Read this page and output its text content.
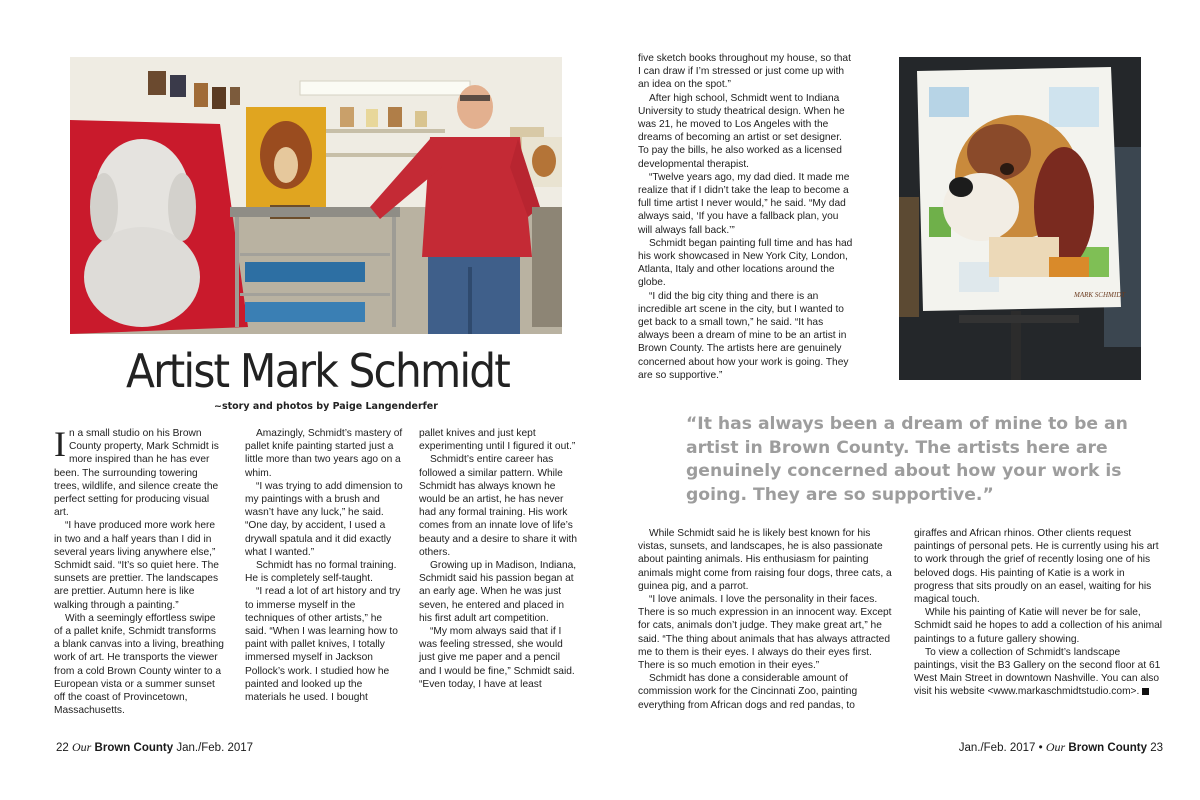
Artist Mark Schmidt
~story and photos by Paige Langenderfer

In a small studio on his Brown County property, Mark Schmidt is more inspired than he has ever been. The surrounding towering trees, wildlife, and silence create the perfect setting for producing visual art.

“I have produced more work here in two and a half years than I did in several years living anywhere else,” Schmidt said. “It’s so quiet here. The sunsets are prettier. The landscapes are prettier. Autumn here is like walking through a painting.”

With a seemingly effortless swipe of a pallet knife, Schmidt transforms a blank canvas into a living, breathing work of art. He transports the viewer from a cold Brown County winter to a European vista or a summer sunset off the coast of Provincetown, Massachusetts.

Amazingly, Schmidt’s mastery of pallet knife painting started just a little more than two years ago on a whim.

“I was trying to add dimension to my paintings with a brush and wasn’t have any luck,” he said. “One day, by accident, I used a drywall spatula and it did exactly what I wanted.”

Schmidt has no formal training. He is completely self-taught.

“I read a lot of art history and try to immerse myself in the techniques of other artists,” he said. “When I was learning how to paint with pallet knives, I totally immersed myself in Jackson Pollock’s work. I studied how he painted and looked up the materials he used. I bought

pallet knives and just kept experimenting until I figured it out.”

Schmidt’s entire career has followed a similar pattern. While Schmidt has always known he would be an artist, he has never had any formal training. His work comes from an innate love of life’s beauty and a desire to share it with others.

Growing up in Madison, Indiana, Schmidt said his passion began at an early age. When he was just seven, he entered and placed in his first adult art competition.

“My mom always said that if I was feeling stressed, she would just give me paper and a pencil and I would be fine,” Schmidt said. “Even today, I have at least

22 Our Brown County Jan./Feb. 2017

five sketch books throughout my house, so that I can draw if I’m stressed or just come up with an idea on the spot.”

After high school, Schmidt went to Indiana University to study theatrical design. When he was 21, he moved to Los Angeles with the dreams of becoming an artist or set designer. To pay the bills, he also worked as a licensed developmental therapist.

“Twelve years ago, my dad died. It made me realize that if I didn’t take the leap to become a full time artist I never would,” he said. “My dad always said, ‘If you have a fallback plan, you will always fall back.’”

Schmidt began painting full time and has had his work showcased in New York City, London, Atlanta, Italy and other locations around the globe.

“I did the big city thing and there is an incredible art scene in the city, but I wanted to get back to a small town,” he said. “It has always been a dream of mine to be an artist in Brown County. The artists here are genuinely concerned about how your work is going. They are so supportive.”

MARK SCHMIDT
“It has always been a dream of mine to be an artist in Brown County. The artists here are genuinely concerned about how your work is going. They are so supportive.”

While Schmidt said he is likely best known for his vistas, sunsets, and landscapes, he is also passionate about painting animals. His enthusiasm for painting animals might come from raising four dogs, three cats, a guinea pig, and a parrot.

“I love animals. I love the personality in their faces. There is so much expression in an innocent way. Except for cats, animals don’t judge. They make great art,” he said. “The thing about animals that has always attracted me to them is their eyes. I always do their eyes first. There is so much emotion in their eyes.”

Schmidt has done a considerable amount of commission work for the Cincinnati Zoo, painting everything from African dogs and red pandas, to

giraffes and African rhinos. Other clients request paintings of personal pets. He is currently using his art to work through the grief of recently losing one of his beloved dogs. His painting of Katie is a work in progress that sits proudly on an easel, waiting for his magical touch.

While his painting of Katie will never be for sale, Schmidt said he hopes to add a collection of his animal paintings to a future gallery showing.

To view a collection of Schmidt’s landscape paintings, visit the B3 Gallery on the second floor at 61 West Main Street in downtown Nashville. You can also visit his website <www.markaschmidtstudio.com>.

Jan./Feb. 2017 • Our Brown County 23
